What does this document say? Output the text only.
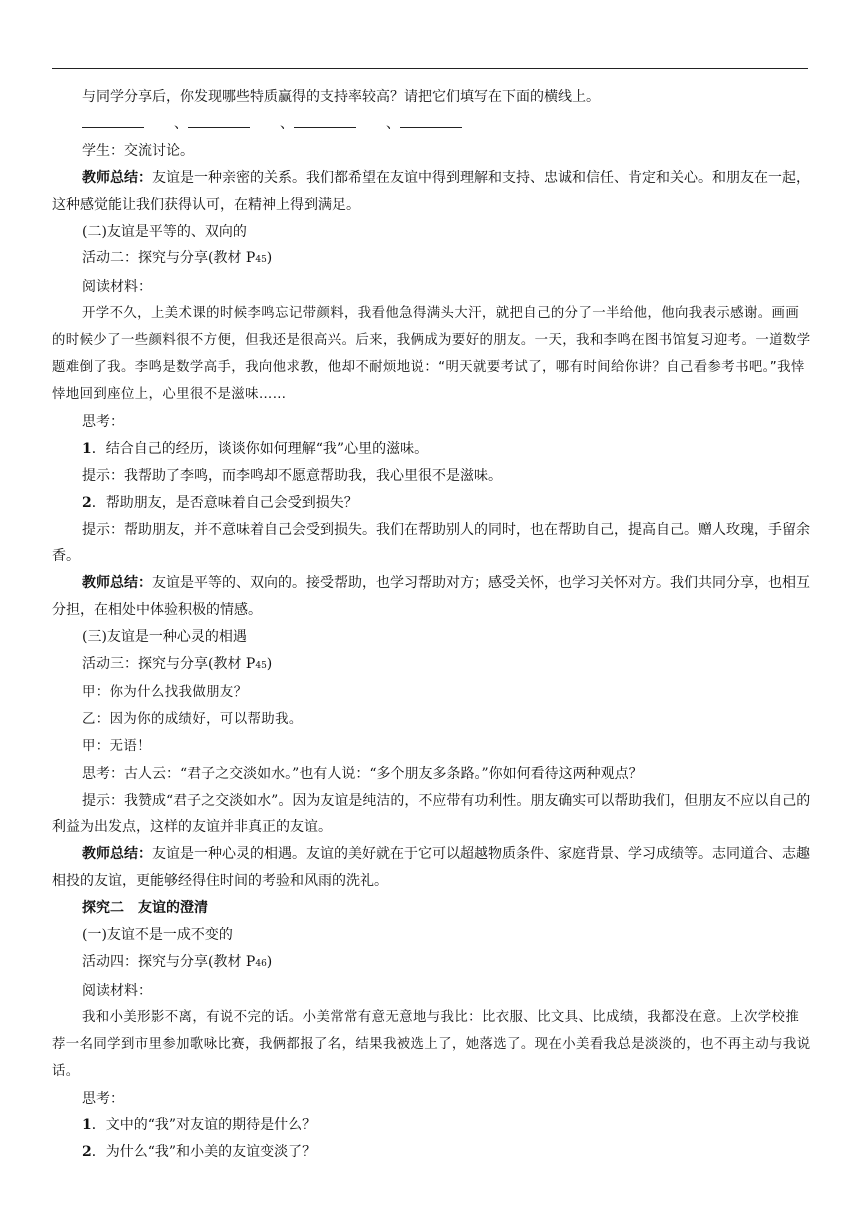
与同学分享后，你发现哪些特质赢得的支持率较高？请把它们填写在下面的横线上。

、	、	、

学生：交流讨论。

教师总结：友谊是一种亲密的关系。我们都希望在友谊中得到理解和支持、忠诚和信任、肯定和关心。和朋友在一起，这种感觉能让我们获得认可，在精神上得到满足。

(二)友谊是平等的、双向的

活动二：探究与分享(教材 P45)

阅读材料：

开学不久，上美术课的时候李鸣忘记带颜料，我看他急得满头大汗，就把自己的分了一半给他，他向我表示感谢。画画的时候少了一些颜料很不方便，但我还是很高兴。后来，我俩成为要好的朋友。一天，我和李鸣在图书馆复习迎考。一道数学题难倒了我。李鸣是数学高手，我向他求教，他却不耐烦地说：“明天就要考试了，哪有时间给你讲？自己看参考书吧。”我悻悻地回到座位上，心里很不是滋味……

思考：

1．结合自己的经历，谈谈你如何理解“我”心里的滋味。

提示：我帮助了李鸣，而李鸣却不愿意帮助我，我心里很不是滋味。

2．帮助朋友，是否意味着自己会受到损失？

提示：帮助朋友，并不意味着自己会受到损失。我们在帮助别人的同时，也在帮助自己，提高自己。赠人玫瑰，手留余香。

教师总结：友谊是平等的、双向的。接受帮助，也学习帮助对方；感受关怀，也学习关怀对方。我们共同分享，也相互分担，在相处中体验积极的情感。

(三)友谊是一种心灵的相遇

活动三：探究与分享(教材 P45)

甲：你为什么找我做朋友？

乙：因为你的成绩好，可以帮助我。

甲：无语！

思考：古人云：“君子之交淡如水。”也有人说：“多个朋友多条路。”你如何看待这两种观点？

提示：我赞成“君子之交淡如水”。因为友谊是纯洁的，不应带有功利性。朋友确实可以帮助我们，但朋友不应以自己的利益为出发点，这样的友谊并非真正的友谊。

教师总结：友谊是一种心灵的相遇。友谊的美好就在于它可以超越物质条件、家庭背景、学习成绩等。志同道合、志趣相投的友谊，更能够经得住时间的考验和风雨的洗礼。

探究二　友谊的澄清

(一)友谊不是一成不变的

活动四：探究与分享(教材 P46)

阅读材料：

我和小美形影不离，有说不完的话。小美常常有意无意地与我比：比衣服、比文具、比成绩，我都没在意。上次学校推荐一名同学到市里参加歌咏比赛，我俩都报了名，结果我被选上了，她落选了。现在小美看我总是淡淡的，也不再主动与我说话。

思考：

1．文中的“我”对友谊的期待是什么？

2．为什么“我”和小美的友谊变淡了？
